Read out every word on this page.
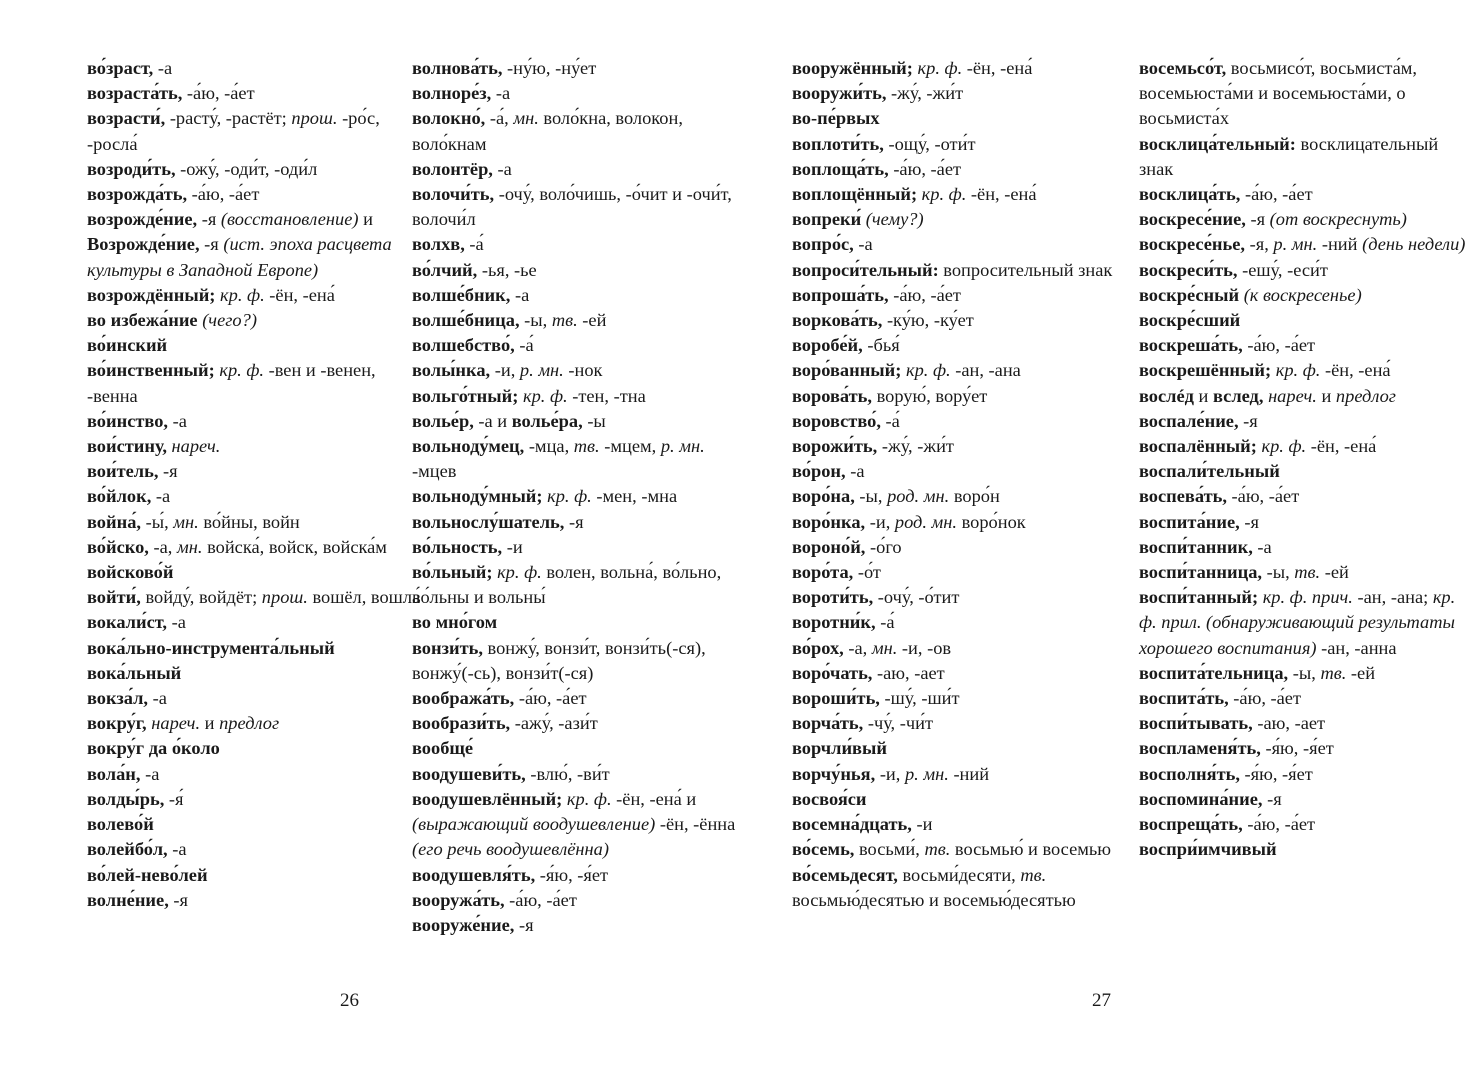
во́зраст, -а
возраста́ть, -а́ю, -а́ет
возрасти́, -расту́, -растёт; прош. -ро́с, -росла́
возроди́ть, -ожу́, -оди́т, -оди́л
возрожда́ть, -а́ю, -а́ет
возрожде́ние, -я (восстановление) и Возрожде́ние, -я (ист. эпоха расцвета культуры в Западной Европе)
возрождённый; кр. ф. -ён, -ена́
во избежа́ние (чего?)
во́инский
во́инственный; кр. ф. -вен и -венен, -венна
во́инство, -а
вои́стину, нареч.
вои́тель, -я
во́йлок, -а
война́, -ы́, мн. во́йны, войн
во́йско, -а, мн. войска́, войск, войска́м
войсково́й
войти́, войду́, войдёт; прош. вошёл, вошла́
вокали́ст, -а
вока́льно-инструмента́льный
вока́льный
вокза́л, -а
вокру́г, нареч. и предлог
вокру́г да о́коло
вола́н, -а
волды́рь, -я́
волево́й
волейбо́л, -а
во́лей-нево́лей
волне́ние, -я
волнова́ть, -ну́ю, -ну́ет
волноре́з, -а
волокно́, -а́, мн. воло́кна, волокон, воло́кнам
волонтёр, -а
волочи́ть, -очу́, воло́чишь, -о́чит и -очи́т, волочи́л
волхв, -а́
во́лчий, -ья, -ье
волше́бник, -а
волше́бница, -ы, тв. -ей
волшебство́, -а́
волы́нка, -и, р. мн. -нок
вольго́тный; кр. ф. -тен, -тна
волье́р, -а и волье́ра, -ы
вольноду́мец, -мца, тв. -мцем, р. мн. -мцев
вольноду́мный; кр. ф. -мен, -мна
вольнослу́шатель, -я
во́льность, -и
во́льный; кр. ф. волен, вольна́, во́льно, во́льны и вольны́
во мно́гом
вонзи́ть, вонжу́, вонзи́т, вонзи́ть(-ся), вонжу́(-сь), вонзи́т(-ся)
вообража́ть, -а́ю, -а́ет
вообрази́ть, -ажу́, -ази́т
вообще́
воодушеви́ть, -влю́, -ви́т
воодушевлённый; кр. ф. -ён, -ена́ и (выражающий воодушевление) -ён, -ённа (его речь воодушевлённа)
воодушевля́ть, -я́ю, -я́ет
вооружа́ть, -а́ю, -а́ет
вооруже́ние, -я
26
вооружённый; кр. ф. -ён, -ена́
вооружи́ть, -жу́, -жи́т
во-пе́рвых
воплоти́ть, -ощу́, -оти́т
воплоща́ть, -а́ю, -а́ет
воплощённый; кр. ф. -ён, -ена́
вопреки́ (чему?)
вопро́с, -а
вопроси́тельный: вопросительный знак
вопроша́ть, -а́ю, -а́ет
воркова́ть, -ку́ю, -ку́ет
воробе́й, -бья́
воро́ванный; кр. ф. -ан, -ана
ворова́ть, ворую́, вору́ет
воровство́, -а́
ворожи́ть, -жу́, -жи́т
во́рон, -а
воро́на, -ы, род. мн. воро́н
воро́нка, -и, род. мн. воро́нок
вороно́й, -о́го
воро́та, -о́т
вороти́ть, -очу́, -о́тит
воротни́к, -а́
во́рох, -а, мн. -и, -ов
воро́чать, -аю, -ает
вороши́ть, -шу́, -ши́т
ворча́ть, -чу́, -чи́т
ворчли́вый
ворчу́нья, -и, р. мн. -ний
восвоя́си
восемна́дцать, -и
во́семь, восьми́, тв. восьмью́ и восемью
во́семьдесят, восьми́десяти, тв. восьмью́десятью и восемью́десятью
восемьсо́т, восьмисо́т, восьмиста́м, восемьюста́ми и восемьюста́ми, о восьмиста́х
восклица́тельный: восклицательный знак
восклица́ть, -а́ю, -а́ет
воскресе́ние, -я (от воскреснуть)
воскресе́нье, -я, р. мн. -ний (день недели)
воскреси́ть, -ешу́, -еси́т
воскре́сный (к воскресенье)
воскре́сший
воскреша́ть, -а́ю, -а́ет
воскрешённый; кр. ф. -ён, -ена́
вослéд и вслед, нареч. и предлог
воспале́ние, -я
воспалённый; кр. ф. -ён, -ена́
воспали́тельный
воспева́ть, -а́ю, -а́ет
воспита́ние, -я
воспи́танник, -а
воспи́танница, -ы, тв. -ей
воспи́танный; кр. ф. прич. -ан, -ана; кр. ф. прил. (обнаруживающий результаты хорошего воспитания) -ан, -анна
воспита́тельница, -ы, тв. -ей
воспита́ть, -а́ю, -а́ет
воспи́тывать, -аю, -ает
воспламеня́ть, -я́ю, -я́ет
восполня́ть, -я́ю, -я́ет
воспомина́ние, -я
воспреща́ть, -а́ю, -а́ет
воспри́имчивый
27
